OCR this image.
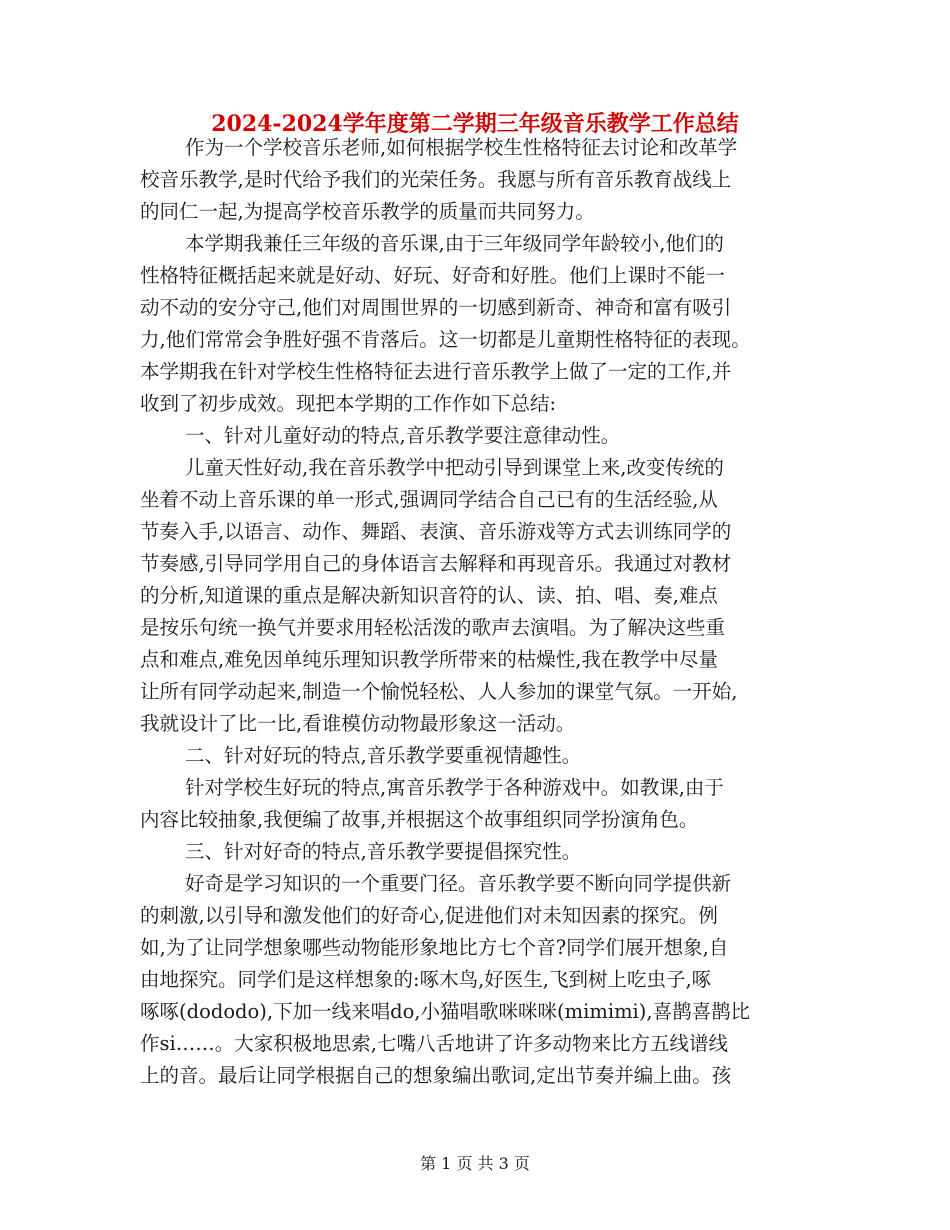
2024-2024学年度第二学期三年级音乐教学工作总结
作为一个学校音乐老师,如何根据学校生性格特征去讨论和改革学
校音乐教学,是时代给予我们的光荣任务。我愿与所有音乐教育战线上
的同仁一起,为提高学校音乐教学的质量而共同努力。
本学期我兼任三年级的音乐课,由于三年级同学年龄较小,他们的
性格特征概括起来就是好动、好玩、好奇和好胜。他们上课时不能一
动不动的安分守己,他们对周围世界的一切感到新奇、神奇和富有吸引
力,他们常常会争胜好强不肯落后。这一切都是儿童期性格特征的表现。
本学期我在针对学校生性格特征去进行音乐教学上做了一定的工作,并
收到了初步成效。现把本学期的工作作如下总结:
一、针对儿童好动的特点,音乐教学要注意律动性。
儿童天性好动,我在音乐教学中把动引导到课堂上来,改变传统的
坐着不动上音乐课的单一形式,强调同学结合自己已有的生活经验,从
节奏入手,以语言、动作、舞蹈、表演、音乐游戏等方式去训练同学的
节奏感,引导同学用自己的身体语言去解释和再现音乐。我通过对教材
的分析,知道课的重点是解决新知识音符的认、读、拍、唱、奏,难点
是按乐句统一换气并要求用轻松活泼的歌声去演唱。为了解决这些重
点和难点,难免因单纯乐理知识教学所带来的枯燥性,我在教学中尽量
让所有同学动起来,制造一个愉悦轻松、人人参加的课堂气氛。一开始,
我就设计了比一比,看谁模仿动物最形象这一活动。
二、针对好玩的特点,音乐教学要重视情趣性。
针对学校生好玩的特点,寓音乐教学于各种游戏中。如教课,由于
内容比较抽象,我便编了故事,并根据这个故事组织同学扮演角色。
三、针对好奇的特点,音乐教学要提倡探究性。
好奇是学习知识的一个重要门径。音乐教学要不断向同学提供新
的刺激,以引导和激发他们的好奇心,促进他们对未知因素的探究。例
如,为了让同学想象哪些动物能形象地比方七个音?同学们展开想象,自
由地探究。同学们是这样想象的:啄木鸟,好医生,飞到树上吃虫子,啄
啄啄(dododo),下加一线来唱do,小猫唱歌咪咪咪(mimimi),喜鹊喜鹊比
作si……。大家积极地思索,七嘴八舌地讲了许多动物来比方五线谱线
上的音。最后让同学根据自己的想象编出歌词,定出节奏并编上曲。孩
第 1 页 共 3 页
